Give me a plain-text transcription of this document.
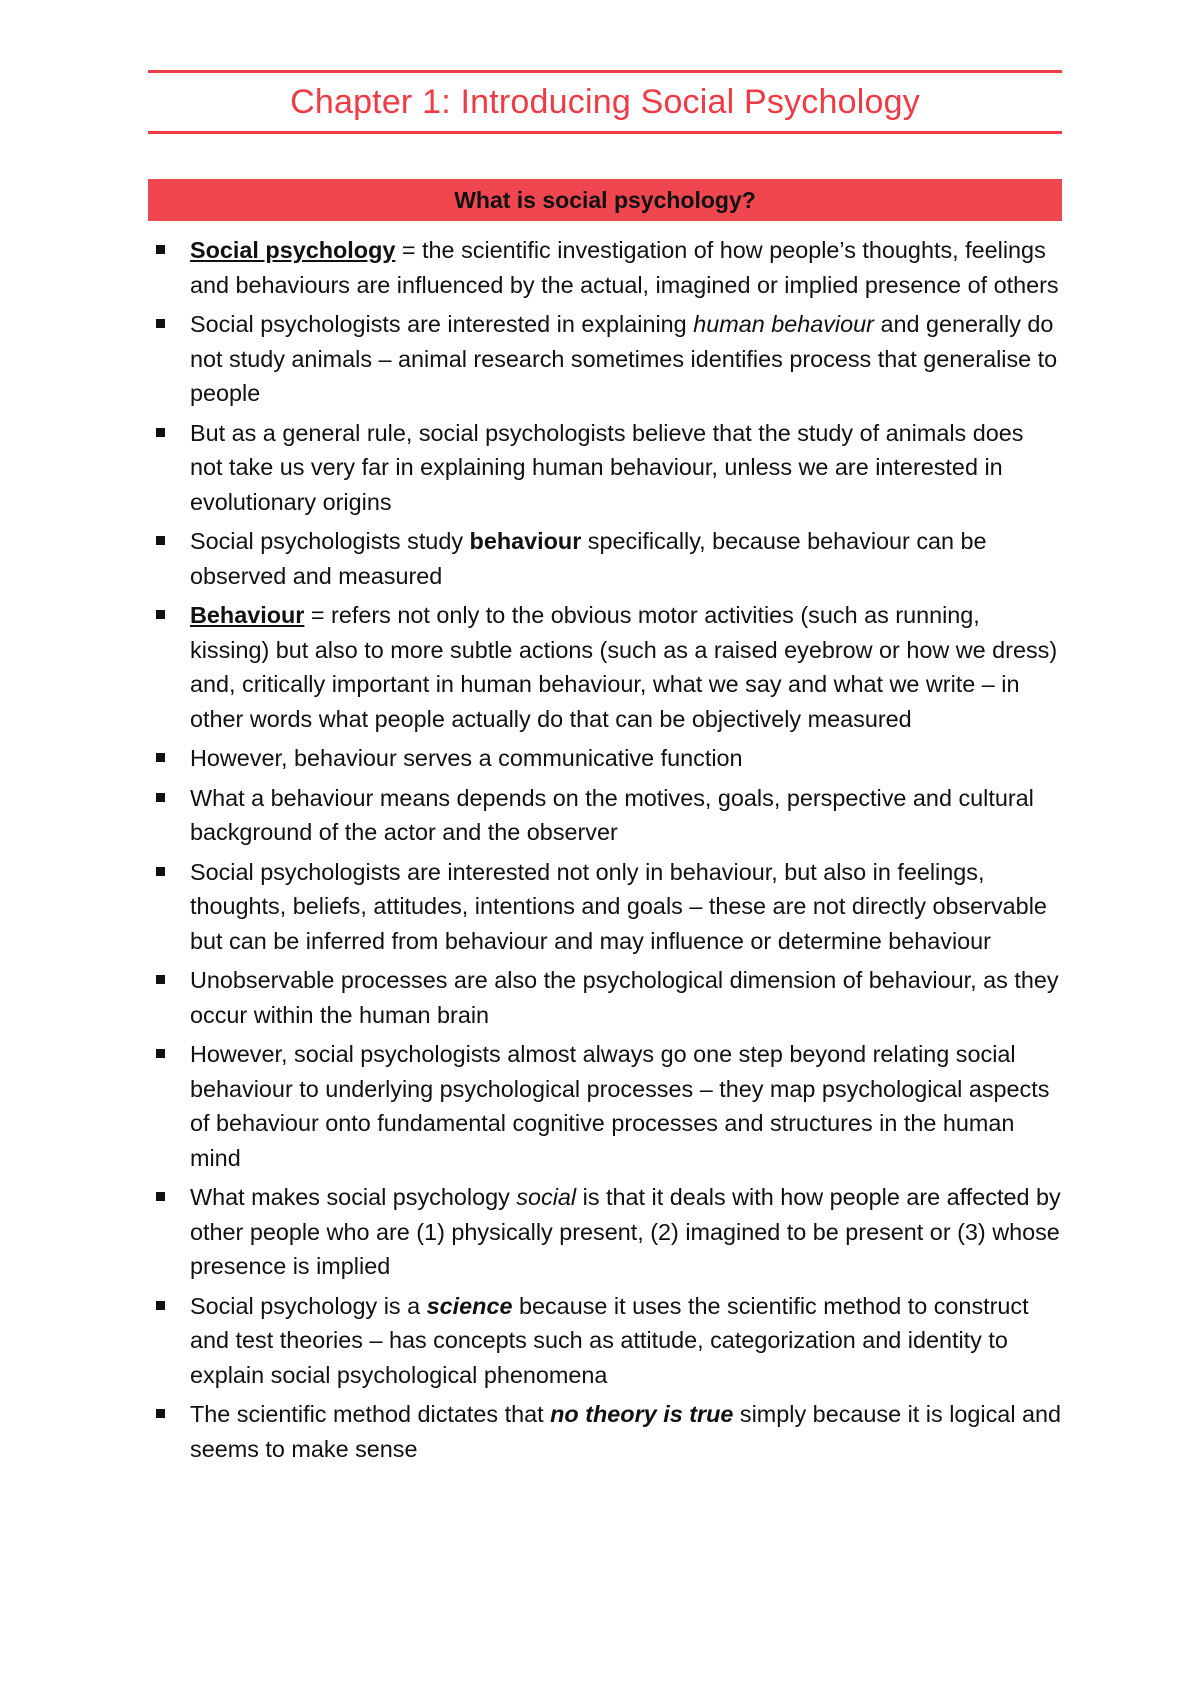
Chapter 1: Introducing Social Psychology
What is social psychology?
Social psychology = the scientific investigation of how people’s thoughts, feelings and behaviours are influenced by the actual, imagined or implied presence of others
Social psychologists are interested in explaining human behaviour and generally do not study animals – animal research sometimes identifies process that generalise to people
But as a general rule, social psychologists believe that the study of animals does not take us very far in explaining human behaviour, unless we are interested in evolutionary origins
Social psychologists study behaviour specifically, because behaviour can be observed and measured
Behaviour = refers not only to the obvious motor activities (such as running, kissing) but also to more subtle actions (such as a raised eyebrow or how we dress) and, critically important in human behaviour, what we say and what we write – in other words what people actually do that can be objectively measured
However, behaviour serves a communicative function
What a behaviour means depends on the motives, goals, perspective and cultural background of the actor and the observer
Social psychologists are interested not only in behaviour, but also in feelings, thoughts, beliefs, attitudes, intentions and goals – these are not directly observable but can be inferred from behaviour and may influence or determine behaviour
Unobservable processes are also the psychological dimension of behaviour, as they occur within the human brain
However, social psychologists almost always go one step beyond relating social behaviour to underlying psychological processes – they map psychological aspects of behaviour onto fundamental cognitive processes and structures in the human mind
What makes social psychology social is that it deals with how people are affected by other people who are (1) physically present, (2) imagined to be present or (3) whose presence is implied
Social psychology is a science because it uses the scientific method to construct and test theories – has concepts such as attitude, categorization and identity to explain social psychological phenomena
The scientific method dictates that no theory is true simply because it is logical and seems to make sense
